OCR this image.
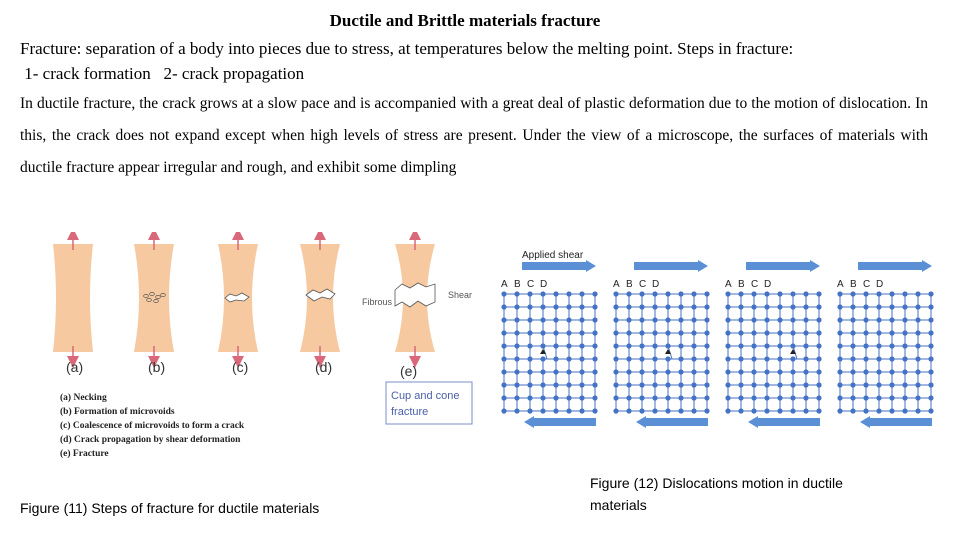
Ductile and Brittle materials fracture
Fracture: separation of a body into pieces due to stress, at temperatures below the melting point. Steps in fracture:
1- crack formation   2- crack propagation
In ductile fracture, the crack grows at a slow pace and is accompanied with a great deal of plastic deformation due to the motion of dislocation. In this, the crack does not expand except when high levels of stress are present. Under the view of a microscope, the surfaces of materials with ductile fracture appear irregular and rough, and exhibit some dimpling
Fibrous
Shear
(a)	(b)	(c)	(d)	(e)
Cup and cone
fracture
(a) Necking
(b) Formation of microvoids
(c) Coalescence of microvoids to form a crack
(d) Crack propagation by shear deformation
(e) Fracture
Figure (11) Steps of fracture for ductile materials
Applied shear
A B C D	A B C D	A B C D	A B C D
Figure (12) Dislocations motion in ductile
materials
